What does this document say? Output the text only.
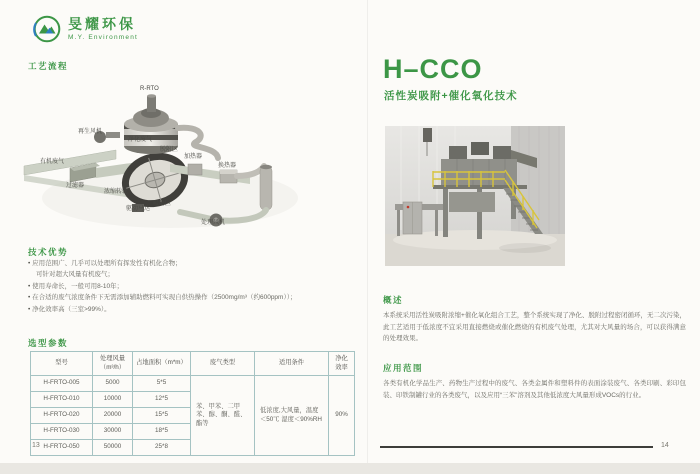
旻耀环保
M.Y. Environment
工艺流程
R-RTO
再生风机
净化废气
脱附区
加热器
换热器
有机废气
过滤器
浓缩转轮
驱动马达
吸附区
处理风机
技术优势
• 应用范围广、几乎可以处理所有挥发性有机化合物；
可针对超大风量有机废气；
• 使用寿命长，一般可用8-10年；
• 在合适的废气浓度条件下无需添加辅助燃料可实现自供热操作（2500mg/m³（约600ppm））；
• 净化效率高（三室>99%）。
选型参数
型号	处理风量
（m³/h）	占地面积（m*m）	废气类型	适用条件	净化
效率
H-FRTO-005	5000	5*5	苯、甲苯、二甲苯、醇、酮、醛、酯等	低浓度,大风量，温度＜50℃ 湿度＜90%RH	90%
H-FRTO-010	10000	12*5			
H-FRTO-020	20000	15*5			
H-FRTO-030	30000	18*5			
H-FRTO-050	50000	25*8			
13
H–CCO
活性炭吸附+催化氧化技术
概述
本系统采用活性炭吸附浓缩+催化氧化组合工艺，整个系统实现了净化、脱附过程密闭循环，无二次污染，此工艺适用于低浓度不宜采用直接燃烧或催化燃烧的有机废气处理，尤其对大风量的场合，可以获得满意的处理效果。
应用范围
各类有机化学品生产、药物生产过程中的废气、各类金属件和塑料件的表面涂装废气、各类印刷、彩印包装、印铁制罐行业的各类废气，以及应用“三苯”溶剂及其他低浓度大风量形成VOCs的行业。
14
